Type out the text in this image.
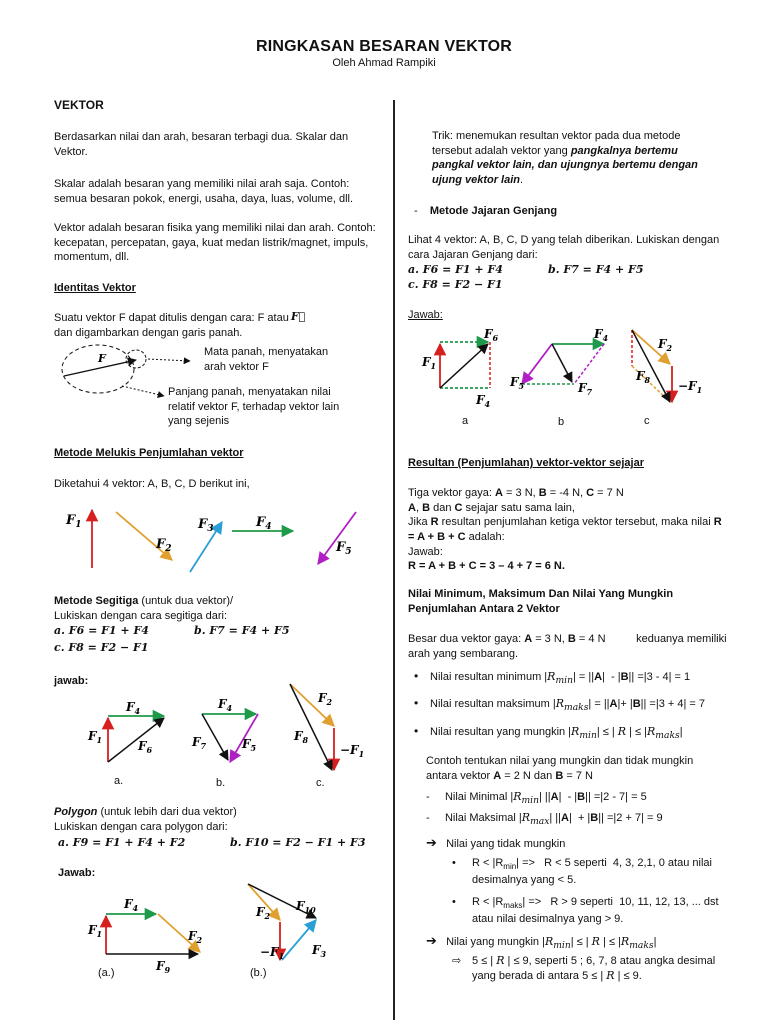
RINGKASAN BESARAN VEKTOR
Oleh Ahmad Rampiki
VEKTOR
Berdasarkan nilai dan arah, besaran terbagi dua. Skalar dan Vektor.
Skalar adalah besaran yang memiliki nilai arah saja. Contoh: semua besaran pokok, energi, usaha, daya, luas, volume, dll.
Vektor adalah besaran fisika yang memiliki nilai dan arah. Contoh: kecepatan, percepatan, gaya, kuat medan listrik/magnet, impuls, momentum, dll.
Identitas Vektor
Suatu vektor F dapat ditulis dengan cara: F atau F⃗
dan digambarkan dengan garis panah.
F	Mata panah, menyatakan arah vektor F
Panjang panah, menyatakan nilai relatif vektor F, terhadap vektor lain yang sejenis
Metode Melukis Penjumlahan vektor
Diketahui 4 vektor: A, B, C, D berikut ini,
$F_1$
$F_2$
$F_3$	$F_4$
$F_5$
Metode Segitiga (untuk dua vektor)/
Lukiskan dengan cara segitiga dari:
a. F6 = F1 + F4	b. F7 = F4 + F5
c. F8 = F2 − F1
jawab:
$F_1$
$F_4$
$F_6$
$F_4$
$F_7$	$F_5$
$F_2$
$F_8$
$-F_1$
a.	b.	c.
Polygon (untuk lebih dari dua vektor)
Lukiskan dengan cara polygon dari:
a. F9 = F1 + F4 + F2	b. F10 = F2 − F1 + F3
Jawab:
$F_1$
$F_4$
$F_2$
$F_9$
$F_2$
$F_{10}$
$-F_1$ $F_3$
(a.)	(b.)
Trik: menemukan resultan vektor pada dua metode tersebut adalah vektor yang pangkalnya bertemu pangkal vektor lain, dan ujungnya bertemu dengan ujung vektor lain.
-    Metode Jajaran Genjang
Lihat 4 vektor: A, B, C, D yang telah diberikan. Lukiskan dengan cara Jajaran Genjang dari:
a. F6 = F1 + F4	b. F7 = F4 + F5
c. F8 = F2 − F1
Jawab:
$F_1$
$F_6$
$F_4$
$F_4$
$F_5$	$F_7$
$F_2$
$F_8 -F_1$
a	b	c
Resultan (Penjumlahan) vektor-vektor sejajar
Tiga vektor gaya: A = 3 N, B = -4 N, C = 7 N
A, B dan C sejajar satu sama lain,
Jika R resultan penjumlahan ketiga vektor tersebut, maka nilai R = A + B + C adalah:
Jawab:
R = A + B + C = 3 – 4 + 7 = 6 N.
Nilai Minimum, Maksimum Dan Nilai Yang Mungkin Penjumlahan Antara 2 Vektor
Besar dua vektor gaya: A = 3 N, B = 4 N          keduanya memiliki arah yang sembarang.
• Nilai resultan minimum $|R_{min}| = ||A| - |B|| =|3 - 4| = 1$
• Nilai resultan maksimum $|R_{maks}| = ||A|+ |B|| =|3 + 4| = 7$
• Nilai resultan yang mungkin $|R_{min}|$ ≤ | R | ≤ $|R_{maks}|$
Contoh tentukan nilai yang mungkin dan tidak mungkin antara vektor A = 2 N dan B = 7 N
-     Nilai Minimal $|R_{min}|$ ||A|  - |B|| =|2 - 7| = 5
-     Nilai Maksimal $|R_{max}|$ ||A|  + |B|| =|2 + 7| = 9
➔ Nilai yang tidak mungkin
•	$R < |R_{min}| => R < 5$ seperti  4, 3, 2,1, 0 atau nilai desimalnya yang < 5.
•	$R < |R_{maks}| => R > 9$ seperti  10, 11, 12, 13, ... dst atau nilai desimalnya yang > 9.
➔   Nilai yang mungkin $|R_{min}|$ ≤ | R | ≤ $|R_{maks}|$
⇨ 5 ≤ | R | ≤ 9, seperti 5 ; 6, 7, 8 atau angka desimal yang berada di antara 5 ≤ | R | ≤ 9.
